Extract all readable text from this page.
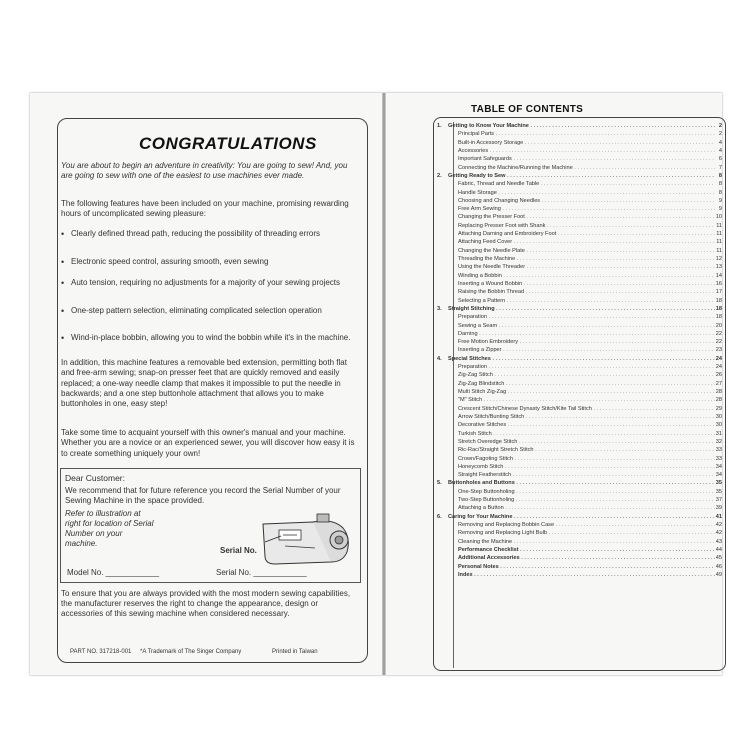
CONGRATULATIONS

You are about to begin an adventure in creativity: You are going to sew! And, you are going to sew with one of the easiest to use machines ever made.

The following features have been included on your machine, promising rewarding hours of uncomplicated sewing pleasure:

• Clearly defined thread path, reducing the possibility of threading errors
• Electronic speed control, assuring smooth, even sewing
• Auto tension, requiring no adjustments for a majority of your sewing projects
• One-step pattern selection, eliminating complicated selection operation
• Wind-in-place bobbin, allowing you to wind the bobbin while it's in the machine.

In addition, this machine features a removable bed extension, permitting both flat and free-arm sewing; snap-on presser feet that are quickly removed and easily replaced; a one-way needle clamp that makes it impossible to put the needle in backwards; and a one step buttonhole attachment that allows you to make buttonholes in one, easy step!

Take some time to acquaint yourself with this owner's manual and your machine. Whether you are a novice or an experienced sewer, you will discover how easy it is to create something uniquely your own!

Dear Customer:

We recommend that for future reference you record the Serial Number of your Sewing Machine in the space provided.

Refer to illustration at right for location of Serial Number on your machine.

Serial No.
Model No. ____________	Serial No. ____________

To ensure that you are always provided with the most modern sewing capabilities, the manufacturer reserves the right to change the appearance, design or accessories of this sewing machine when considered necessary.

PART NO. 317218-001 *A Trademark of The Singer Company	Printed in Taiwan
TABLE OF CONTENTS
1. Getting to Know Your Machine . . .	2
Principal Parts . . .	2
Built-in Accessory Storage . . .	4
Accessories . . .	4
Important Safeguards . . .	6
Connecting the Machine/Running the Machine . . .	7
2. Getting Ready to Sew . . .	8
Fabric, Thread and Needle Table . . .	8
Handle Storage . . .	8
Choosing and Changing Needles . . .	9
Free Arm Sewing . . .	9
Changing the Presser Foot . . .	10
Replacing Presser Foot with Shank . . .	11
Attaching Darning and Embroidery Foot . . .	11
Attaching Feed Cover . . .	11
Changing the Needle Plate . . .	11
Threading the Machine . . .	12
Using the Needle Threader . . .	13
Winding a Bobbin . . .	14
Inserting a Wound Bobbin . . .	16
Raising the Bobbin Thread . . .	17
Selecting a Pattern . . .	18
3. Straight Stitching . . .	18
Preparation . . .	18
Sewing a Seam . . .	20
Darning . . .	22
Free Motion Embroidery . . .	22
Inserting a Zipper . . .	23
4. Special Stitches . . .	24
Preparation . . .	24
Zig-Zag Stitch . . .	26
Zig-Zag Blindstitch . . .	27
Multi Stitch Zig-Zag . . .	28
"M" Stitch . . .	28
Crescent Stitch/Chinese Dynasty Stitch/Kite Tail Stitch . . .	29
Arrow Stitch/Bunting Stitch . . .	30
Decorative Stitches . . .	30
Turkish Stitch . . .	31
Stretch Overedge Stitch . . .	32
Ric-Rac/Straight Stretch Stitch . . .	33
Crown/Fagoting Stitch . . .	33
Honeycomb Stitch . . .	34
Straight Featherstitch . . .	34
5. Buttonholes and Buttons . . .	35
One-Step Buttonholing . . .	35
Two-Step Buttonholing . . .	37
Attaching a Button . . .	39
6. Caring for Your Machine . . .	41
Removing and Replacing Bobbin Case . . .	42
Removing and Replacing Light Bulb . . .	42
Cleaning the Machine . . .	43
Performance Checklist . . .	44
Additional Accessories . . .	45
Personal Notes . . .	46
Index . . .	49
